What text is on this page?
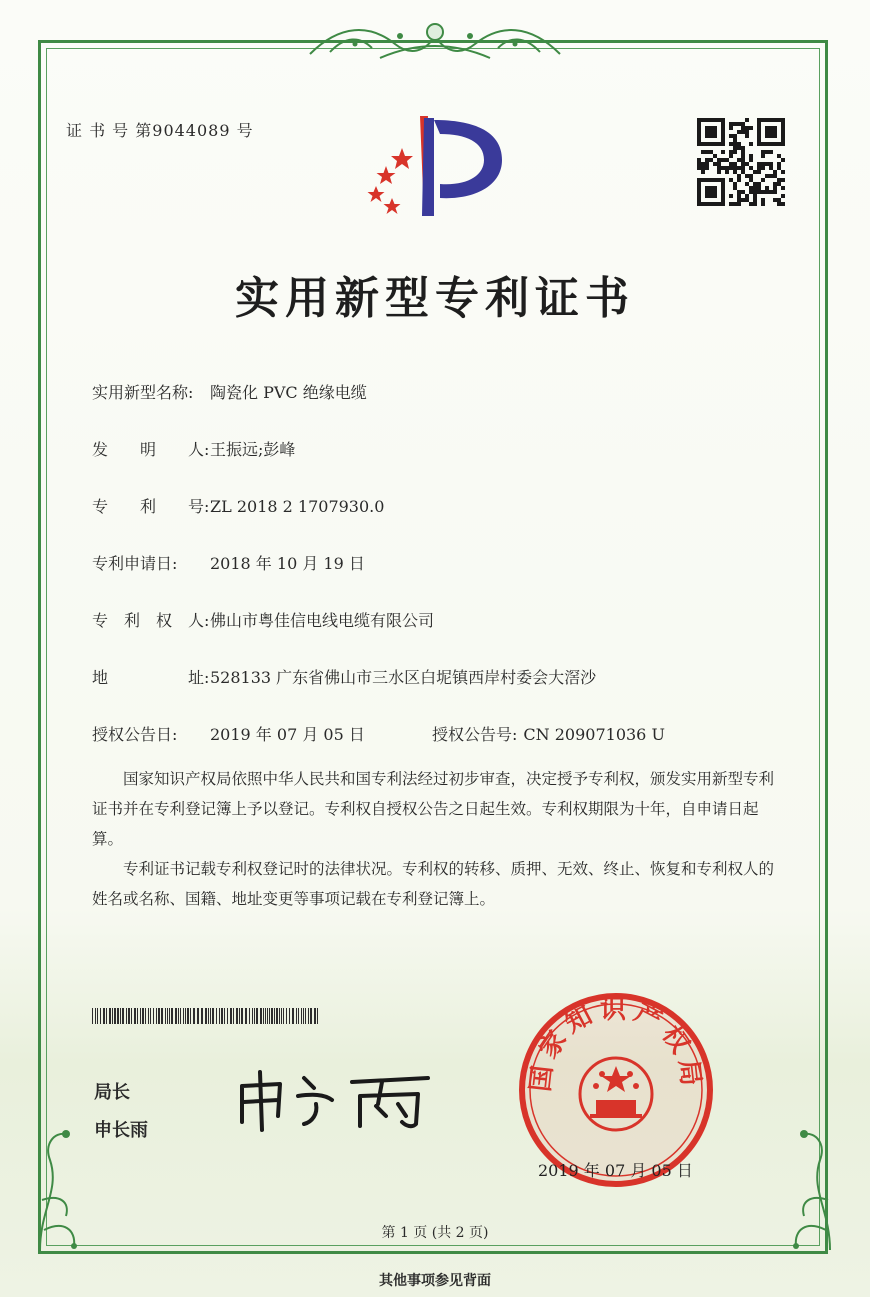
证 书 号 第9044089 号
实用新型专利证书
实用新型名称: 陶瓷化 PVC 绝缘电缆
发　　明　　人:王振远;彭峰
专　　利　　号:ZL 2018 2 1707930.0
专利申请日: 2018 年 10 月 19 日
专　利　权　人:佛山市粤佳信电线电缆有限公司
地　　　　　址:528133 广东省佛山市三水区白坭镇西岸村委会大滘沙
授权公告日: 2019 年 07 月 05 日	授权公告号: CN 209071036 U

国家知识产权局依照中华人民共和国专利法经过初步审查，决定授予专利权，颁发实用新型专利证书并在专利登记簿上予以登记。专利权自授权公告之日起生效。专利权期限为十年，自申请日起算。

专利证书记载专利权登记时的法律状况。专利权的转移、质押、无效、终止、恢复和专利权人的姓名或名称、国籍、地址变更等事项记载在专利登记簿上。

局长
申长雨
国家知识产权局
2019 年 07 月 05 日
第 1 页 (共 2 页)
其他事项参见背面
